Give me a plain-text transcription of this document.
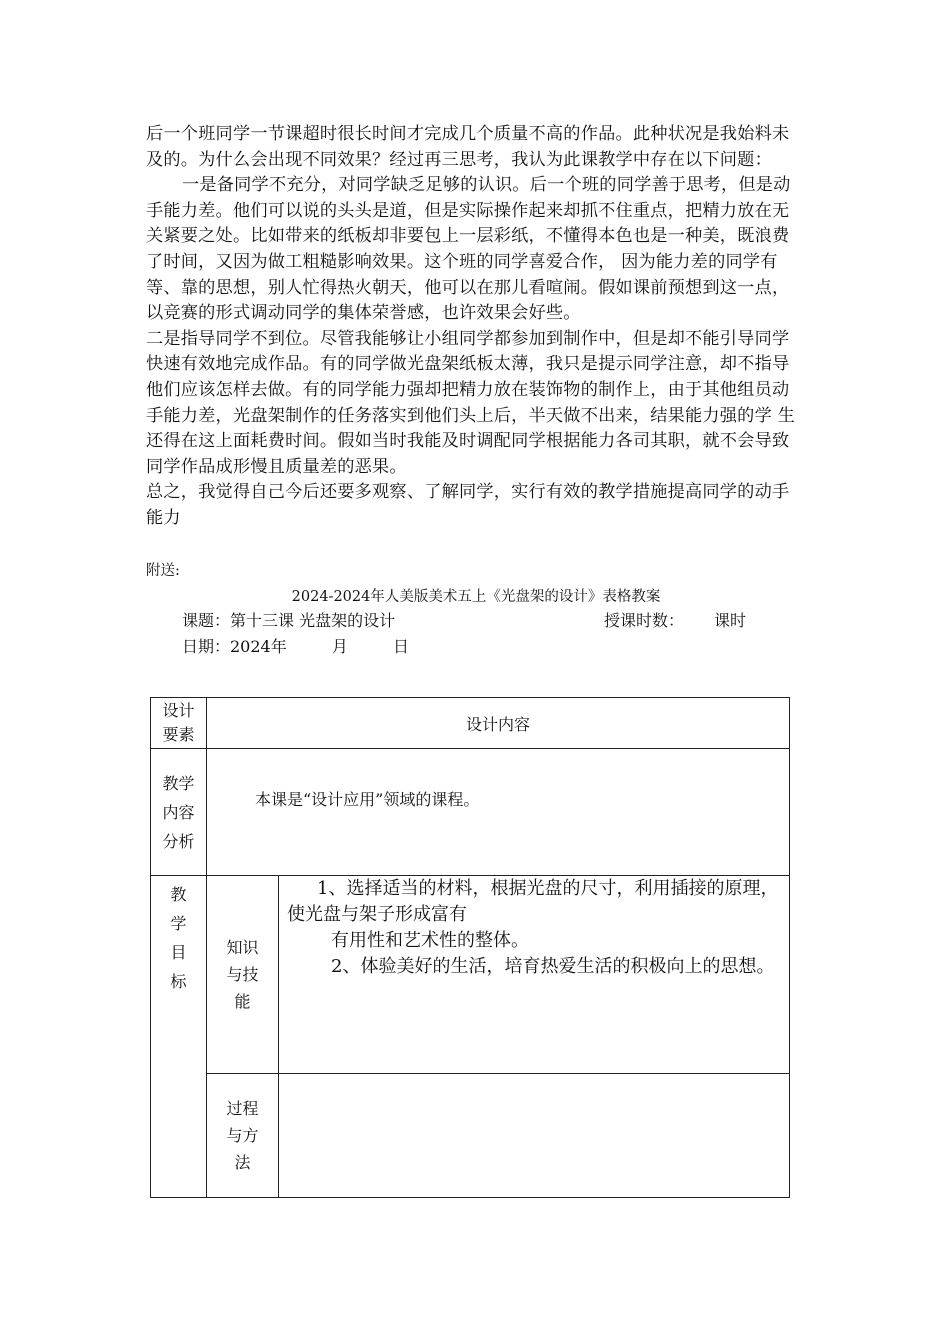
后一个班同学一节课超时很长时间才完成几个质量不高的作品。此种状况是我始料未及的。为什么会出现不同效果？经过再三思考，我认为此课教学中存在以下问题：

一是备同学不充分，对同学缺乏足够的认识。后一个班的同学善于思考，但是动手能力差。他们可以说的头头是道，但是实际操作起来却抓不住重点，把精力放在无关紧要之处。比如带来的纸板却非要包上一层彩纸，不懂得本色也是一种美，既浪费了时间，又因为做工粗糙影响效果。这个班的同学喜爱合作， 因为能力差的同学有等、靠的思想，别人忙得热火朝天，他可以在那儿看喧闹。假如课前预想到这一点，以竞赛的形式调动同学的集体荣誉感，也许效果会好些。

二是指导同学不到位。尽管我能够让小组同学都参加到制作中，但是却不能引导同学快速有效地完成作品。有的同学做光盘架纸板太薄，我只是提示同学注意，却不指导 他们应该怎样去做。有的同学能力强却把精力放在装饰物的制作上，由于其他组员动手能力差，光盘架制作的任务落实到他们头上后，半天做不出来，结果能力强的学 生还得在这上面耗费时间。假如当时我能及时调配同学根据能力各司其职，就不会导致同学作品成形慢且质量差的恶果。

总之，我觉得自己今后还要多观察、了解同学，实行有效的教学措施提高同学的动手能力

附送:

2024-2024年人美版美术五上《光盘架的设计》表格教案

课题：第十三课 光盘架的设计	授课时数： 课时
日期：2024年	月	日
设计要素	设计内容	

教学内容分析	本课是“设计应用”领域的课程。	

教学目标	知识与技能	1、选择适当的材料，根据光盘的尺寸，利用插接的原理，使光盘与架子形成富有

有用性和艺术性的整体。

2、体验美好的生活，培育热爱生活的积极向上的思想。

	过程与方法	
